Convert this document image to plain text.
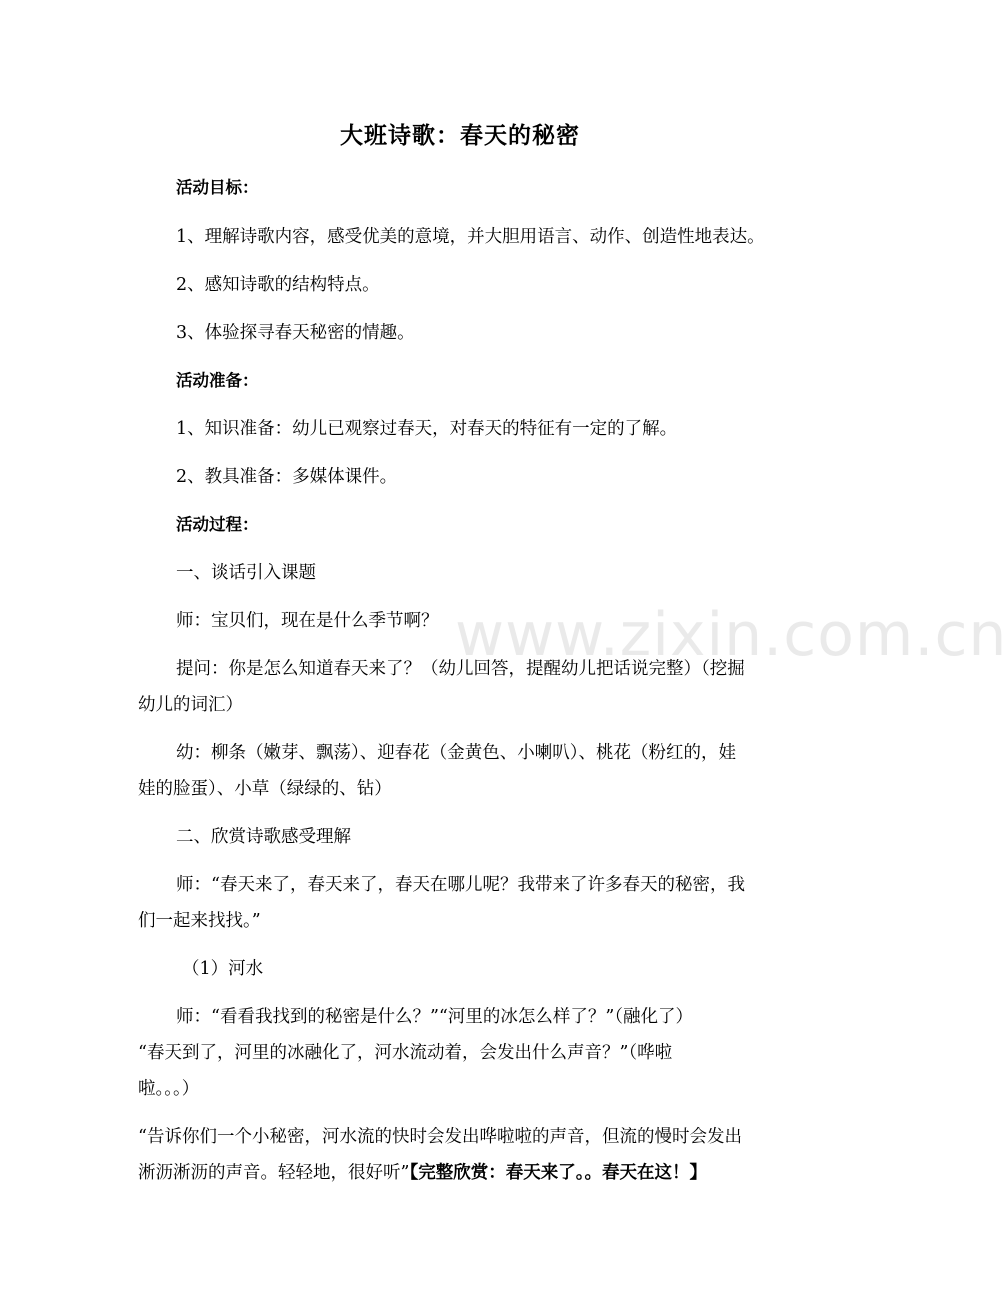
www.zixin.com.cn
大班诗歌：春天的秘密
活动目标：
1、理解诗歌内容，感受优美的意境，并大胆用语言、动作、创造性地表达。
2、感知诗歌的结构特点。
3、体验探寻春天秘密的情趣。
活动准备：
1、知识准备：幼儿已观察过春天，对春天的特征有一定的了解。
2、教具准备：多媒体课件。
活动过程：
一、谈话引入课题
师：宝贝们，现在是什么季节啊？
提问：你是怎么知道春天来了？（幼儿回答，提醒幼儿把话说完整）（挖掘
幼儿的词汇）
幼：柳条（嫩芽、飘荡）、迎春花（金黄色、小喇叭）、桃花（粉红的，娃
娃的脸蛋）、小草（绿绿的、钻）
二、欣赏诗歌感受理解
师：“春天来了，春天来了，春天在哪儿呢？我带来了许多春天的秘密，我
们一起来找找。”
（1）河水
师：“看看我找到的秘密是什么？”“河里的冰怎么样了？”（融化了）
“春天到了，河里的冰融化了，河水流动着，会发出什么声音？”（哗啦
啦。。。）
“告诉你们一个小秘密，河水流的快时会发出哗啦啦的声音，但流的慢时会发出
淅沥淅沥的声音。轻轻地，很好听”【完整欣赏：春天来了。。春天在这！】
